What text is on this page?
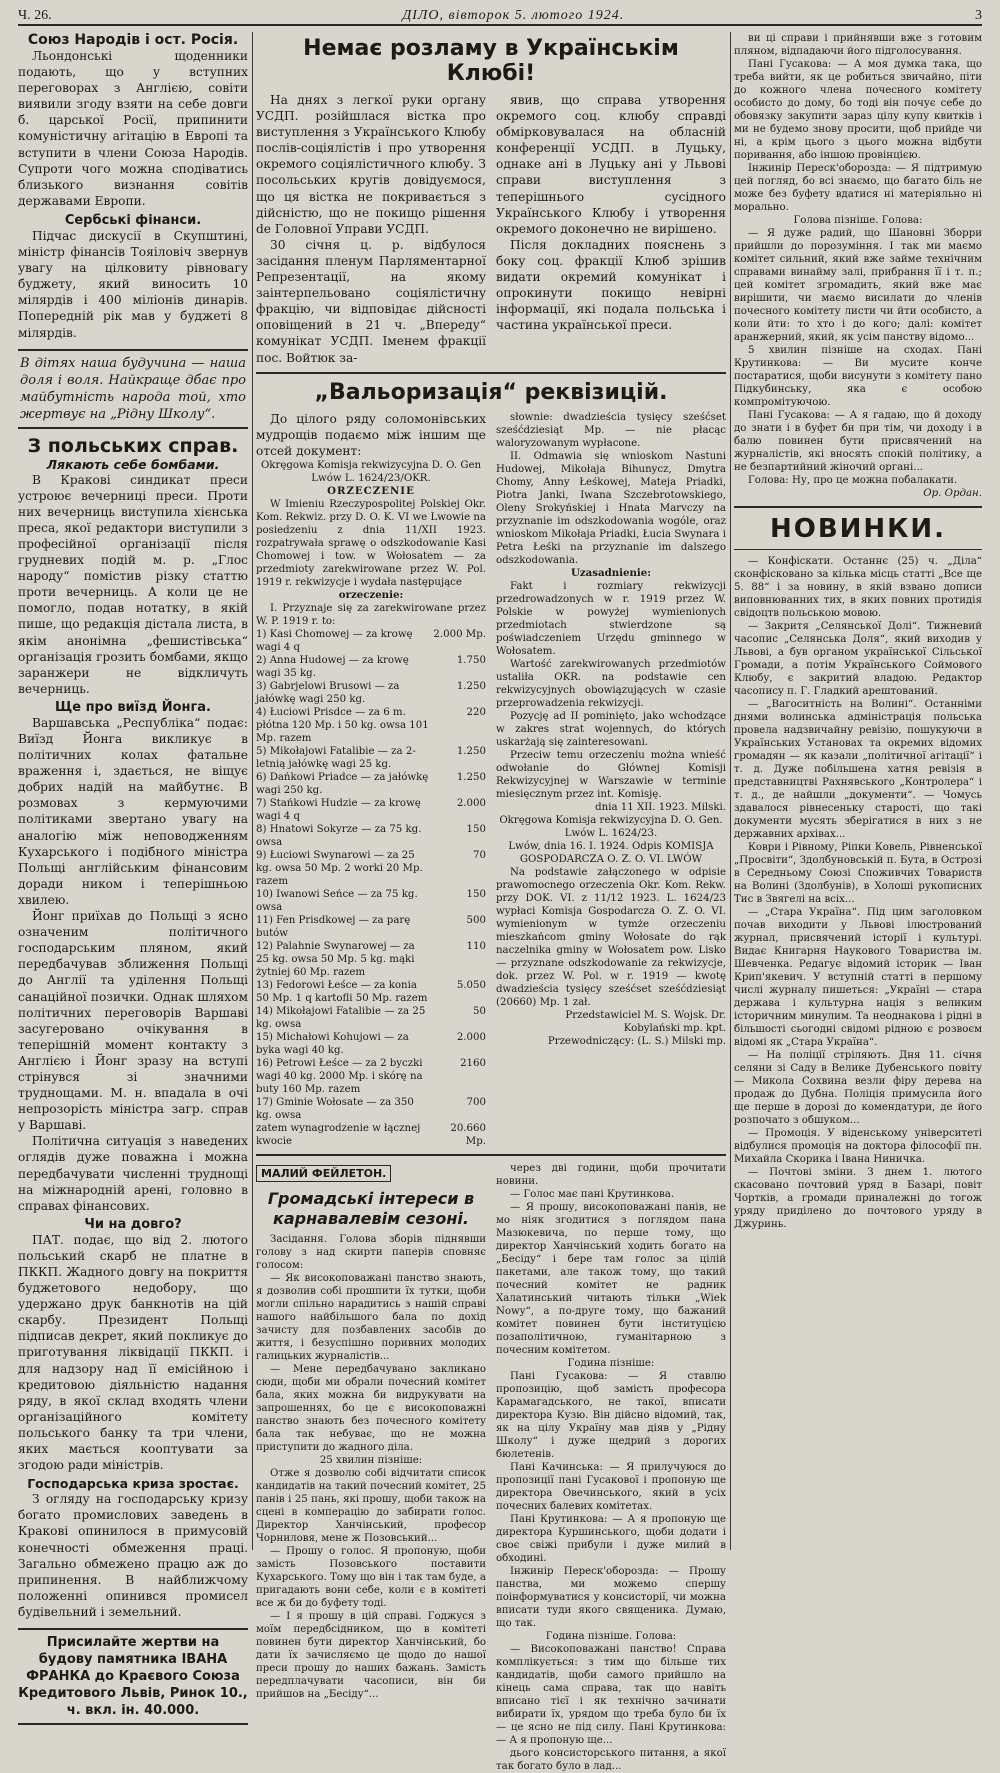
Ч. 26.	ДІЛО, вівторок 5. лютого 1924.	3
Союз Народів і ост. Росія.

Льондонські щоденники подають, що у вступних переговорах з Англією, совіти виявили згоду взяти на себе довги б. царської Росії, припинити комуністичну агітацію в Европі та вступити в члени Союза Народів. Супроти чого можна сподіватись близького визнання совітів державами Европи.

Сербські фінанси.

Підчас дискусії в Скупштині, міністр фінансів Тояіловіч звернув увагу на цілковиту рівновагу буджету, який виносить 10 мілярдів і 400 міліонів динарів. Попередній рік мав у буджеті 8 мілярдів.

В дітях наша будучина — наша доля і воля. Найкраще дбає про майбутність народа той, хто жертвує на „Рідну Школу“.
З польських справ.
Лякають себе бомбами.

В Кракові синдикат преси устроює вечерниці преси. Проти них вечерниць виступила хієнська преса, якої редактори виступили з професійної організації після грудневих подій м. р. „Глос народу“ помістив різку статтю проти вечерниць. А коли це не помогло, подав нотатку, в якій пише, що редакція дістала листа, в якім анонімна „фешистівська“ організація грозить бомбами, якщо заранжери не відкличуть вечерниць.

Ще про виїзд Йонга.

Варшавська „Республіка“ подає: Виїзд Йонга викликує в політичних колах фатальне враження і, здається, не віщує добрих надій на майбутнє. В розмовах з кермуючими політиками звертано увагу на аналогію між неповодженням Кухарського і подібного міністра Польщі англійським фінансовим доради ником і теперішньою хвилею.

Йонг приїхав до Польщі з ясно означеним політичного господарським пляном, який передбачував зближення Польщі до Англії та уділення Польщі санаційної позички. Однак шляхом політичних переговорів Варшаві засугеровано очікування в теперішній момент контакту з Англією і Йонг зразу на вступі стрінувся зі значними труднощами. М. н. впадала в очі непрозорість міністра загр. справ у Варшаві.

Політична ситуація з наведених оглядів дуже поважна і можна передбачувати численні труднощі на міжнародній арені, головно в справах фінансових.

Чи на довго?

ПАТ. подає, що від 2. лютого польський скарб не платне в ПККП. Жадного довгу на покриття буджетового недобору, що удержано друк банкнотів на цій скарбу. Президент Польщі підписав декрет, який покликує до приготування ліквідації ПККП. і для надзору над її емісійною і кредитовою діяльністю надання ряду, в якої склад входять члени організаційного комітету польського банку та три члени, яких мається кооптувати за згодою ради міністрів.

Господарська криза зростає.

З огляду на господарську кризу богато промислових заведень в Кракові опинилося в примусовій конечності обмеження праці. Загально обмежено працю аж до припинення. В найближчому положенні опинився промисел будівельний і земельний.

Присилайте жертви на будову памятника ІВАНА ФРАНКА до Краєвого Союза Кредитового Львів, Ринок 10., ч. вкл. ін. 40.000.
Немає розламу в Українськім Клюбі!

На днях з легкої руки органу УСДП. розійшлася вістка про виступлення з Українського Клюбу послів-соціялістів і про утворення окремого соціялістичного клюбу. З посольських кругів довідуємося, що ця вістка не покривається з дійсністю, що не покищо рішення dе Головної Управи УСДП.

30 січня ц. р. відбулося засідання пленум Парляментарної Репрезентації, на якому заінтерпельовано соціялістичну фракцію, чи відповідає дійсності оповіщений в 21 ч. „Впереду“ комунікат УСДП. Іменем фракції пос. Войтюк за-

явив, що справа утворення окремого соц. клюбу справді обмірковувалася на обласній конференції УСДП. в Луцьку, однаке ані в Луцьку ані у Львові справи виступлення з теперішнього сусідного Українського Клюбу і утворення окремого доконечно не вирішено.

Після докладних пояснень з боку соц. фракції Клюб зрішив видати окремий комунікат і опрокинути покищо невірні інформації, які подала польська і частина української преси.

„Вальоризація“ реквізицій.

До цілого ряду соломонівських мудрощів подаємо між іншим ще отсей документ:

Okręgowa Komisja rekwizycyjna D. O. Gen Lwów L. 1624/23/OKR.

ORZECZENIE

W Imieniu Rzeczypospolitej Polskiej Okr. Kom. Rekwiz. przy D. O. K. VI we Lwowie na posiedzeniu z dnia 11/XII 1923. rozpatrywała sprawę o odszkodowanie Kasi Chomowej i tow. w Wołosatem — za przedmioty zarekwirowane przez W. Pol. 1919 r. rekwizycje i wydała następujące

orzeczenie:

I. Przyznaje się za zarekwirowane przez W. P. 1919 r. to:

1) Kasi Chomowej — za krowę wagi 4 q
2.000 Mp.
2) Anna Hudowej — za krowę wagi 35 kg.
1.750
3) Gabrjelowi Brusowi — za jałówkę wagi 250 kg.
1.250
4) Łuciowi Prisdce — za 6 m. płótna 120 Mp. i 50 kg. owsa 101 Mp. razem
220
5) Mikołajowi Fatalibie — za 2-letnią jałówkę wagi 25 kg.
1.250
6) Dańkowi Priadce — za jałówkę wagi 250 kg.
1.250
7) Stańkowi Hudzie — za krowę wagi 4 q
2.000
8) Hnatowi Sokyrze — za 75 kg. owsa
150
9) Łuciowi Swynarowi — za 25 kg. owsa 50 Mp. 2 worki 20 Mp. razem
70
10) Iwanowi Seńce — za 75 kg. owsa
150
11) Fen Prisdkowej — za parę butów
500
12) Palahnie Swynarowej — za 25 kg. owsa 50 Mp. 5 kg. mąki żytniej 60 Mp. razem
110
13) Fedorowi Łeśce — za konia 50 Mp. 1 q kartofli 50 Mp. razem
5.050
14) Mikołajowi Fatalibie — za 25 kg. owsa
50
15) Michałowi Kohujowi — za byka wagi 40 kg.
2.000
16) Petrowi Łeśce — za 2 byczki wagi 40 kg. 2000 Mp. i skórę na buty 160 Mp. razem
2160
17) Gminie Wołosate — za 350 kg. owsa
700
zatem wynagrodzenie w łącznej kwocie
20.660 Mp.

słownie: dwadzieścia tysięcy sześćset sześćdziesiąt Mp. — nie płacąc waloryzowanym wypłacone.

II. Odmawia się wnioskom Nastuni Hudowej, Mikołaja Bihunycz, Dmytra Chomy, Anny Łeśkowej, Mateja Priadki, Piotra Janki, Iwana Szczebrotowskiego, Oleny Srokyńskiej i Hnata Marvczy na przyznanie im odszkodowania wogóle, oraz wnioskom Mikołaja Priadki, Łucia Swynara i Petra Łeśki na przyznanie im dalszego odszkodowania.

Uzasadnienie:

Fakt i rozmiary rekwizycji przedrowadzonych w r. 1919 przez W. Polskie w powyżej wymienionych przedmiotach stwierdzone są poświadczeniem Urzędu gminnego w Wołosatem.

Wartość zarekwirowanych przedmiotów ustaliła OKR. na podstawie cen rekwizycyjnych obowiązujących w czasie przeprowadzenia rekwizycji.

Pozycję ad II pominięto, jako wchodzące w zakres strat wojennych, do których uskarżają się zainteresowani.

Przeciw temu orzeczeniu można wnieść odwołanie do Głównej Komisji Rekwizycyjnej w Warszawie w terminie miesięcznym przez int. Komisję.

dnia 11 XII. 1923. Milski.

Okręgowa Komisja rekwizycyjna D. O. Gen. Lwów L. 1624/23.

Lwów, dnia 16. I. 1924. Odpis KOMISJA GOSPODARCZA O. Z. O. VI. LWÓW

Na podstawie załączonego w odpisie prawomocnego orzeczenia Okr. Kom. Rekw. przy DOK. VI. z 11/12 1923. L. 1624/23 wypłaci Komisja Gospodarcza O. Z. O. VI. wymienionym w tymże orzeczeniu mieszkańcom gminy Wołosate do rąk naczelnika gminy w Wołosatem pow. Lisko — przyznane odszkodowanie za rekwizycje, dok. przez W. Pol. w r. 1919 — kwotę dwadzieścia tysięcy sześćset sześćdziesiąt (20660) Mp. 1 zał.

Przedstawiciel M. S. Wojsk. Dr. Kobylański mp. kpt.

Przewodniczący: (L. S.) Milski mp.

МАЛИЙ ФЕЙЛЕТОН.
Громадські інтереси в карнавалевім сезоні.

Засідання. Голова зборів піднявши голову з над скирти паперів сповняє голосом:

— Як високоповажані панство знають, я дозволив собі прошпити їх тутки, щоби могли спільно нарадитись з нашій справі нашого найбільшого бала по дохід зачисту для позбавлених засобів до життя, і безуспішно поривних молодих галицьких журналістів...

— Мене передбачувано закликано сюди, щоби ми обрали почесний комітет бала, яких можна би видрукувати на запрошеннях, бо це є високоповажні панство знають без почесного комітету бала так небуває, що не можна приступити до жадного діла.

25 хвилин пізніше:

Отже я дозволю собі відчитати список кандидатів на такий почесний комітет, 25 панів і 25 пань, які прошу, щоби також на сцені в комперацію до забирати голос. Директор Ханчінський, професор Чорниловя, мене ж Позовський...

— Прошу о голос. Я пропоную, щоби замість Позовського поставити Кухарського. Тому що він і так там буде, а пригадають вони себе, коли є в комітеті все ж би до буфету тоді.

— І я прошу в цій справі. Годжуся з моїм передбсідником, що в комітеті повинен бути директор Ханчінський, бо дати їх зачисляємо це щодо до нашої преси прошу до наших бажань. Замість передплачувати часописи, він би прийшов на „Бесіду“...

через дві години, щоби прочитати новини.

— Голос має пані Крутинкова.

— Я прошу, високоповажані панів, не мо ніяк згодитися з поглядом пана Мазюкевича, по перше тому, що директор Ханчінський ходить богато на „Бесіду“ і бере там голос за цілій пакетами, але також тому, що такий почесний комітет не радник Халатинський читають тільки „Wiek Nowy“, а по-друге тому, що бажаний комітет повинен бути інституцією позаполітичною, гуманітарною з почесним комітетом.

Година пізніше:

Пані Гусакова: — Я ставлю пропозицію, щоб замість професора Карамагадського, не такої, вписати директора Кузю. Він дійсно відомий, так, як на цілу Україну мав діяв у „Рідну Школу“ і дуже щедрий з дорогих бюлетенів.

Пані Качинська: — Я прилучуюся до пропозиції пані Гусакової і пропоную ще директора Овечинського, який в усіх почесних балевих комітетах.

Пані Крутинкова: — А я пропоную ще директора Куршинського, щоби додати і своє свіжі прибули і дуже милий в обходині.

Інжинір Переск'оборозда: — Прошу панства, ми можемо спершу поінформуватися у консисторії, чи можна вписати туди якого священика. Думаю, що так.

Година пізніше. Голова:

— Високоповажані панство! Справа комплікується: з тим що більше тих кандидатів, щоби самого прийшло на кінець сама справа, так що навіть вписано тієї і як технічно зачинати вибирати їх, урядом що треба було би їх — це ясно не під силу. Пані Крутинкова: — А я пропоную ще...

дього консисторського питання, а якої так богато було в лад...

ви ці справи і прийнявши вже з готовим пляном, відпадаючи його підголосування.

Пані Гусакова: — А моя думка така, що треба вийти, як це робиться звичайно, піти до кожного члена почесного комітету особисто до дому, бо тоді він почує себе до обовязку закупити зараз цілу купу квитків і ми не будемо знову просити, щоб прийде чи ні, а крім цього з цього можна відбути поривання, або іншою провінцією.

Інжинір Переск'оборозда: — Я підтримую цей погляд, бо всі знаємо, що багато біль не може без буфету вдатися ні матеріяльно ні морально.

Голова пізніше. Голова:

— Я дуже радий, що Шановні Зборри прийшли до порозуміння. І так ми маємо комітет сильний, який вже займе технічним справами винайму залі, прибрання її і т. п.; цей комітет згромадить, який вже має вирішити, чи маємо висилати до членів почесного комітету листи чи йти особисто, а коли йти: то хто і до кого; далі: комітет аранжерний, який, як усім панству відомо...

5 хвилин пізніше на сходах. Пані Крутинкова: — Ви мусите конче постаратися, щоби висунути з комітету пано Підкубинську, яка є особою компромітуючою.

Пані Гусакова: — А я гадаю, що й доходу до знати і в буфет би при тім, чи доходу і в балю повинен бути присвячений на журналістів, які вносять спокій політику, а не безпартийний жіночий органі...

Голова: Ну, про це можна побалакати.

Ор. Ордан.

НОВИНКИ.

— Конфіскати. Останнє (25) ч. „Діла“ сконфісковано за кілька місць статті „Все ще 5. 88“ і за новину, в якій взвано дописи виповнюванних тих, в яких повних протидія свідоцтв польською мовою.

— Закритя „Селянської Долі“. Тижневий часопис „Селянська Доля“, який виходив у Львові, а був органом української Сільської Громади, а потім Українського Соймового Клюбу, є закритий владою. Редактор часопису п. Г. Гладкий арештований.

— „Вагоситність на Волині“. Останніми днями волинська адміністрація польська провела надзвичайну ревізію, пошукуючи в Українських Установах та окремих відомих громадян — як казали „політичної агітації“ і т. д. Дуже побільшена хатня ревізія в представництві Рахнявського „Контролера“ і т. д., де найшли „документи“. — Чомусь здавалося рівнесеньку старості, що такі документи мусять зберігатися в них з не державних архівах...

Коври і Рівному, Ріпки Ковель, Рівненської „Просвіти“, Здолбуновській п. Бута, в Острозі в Середньому Союзі Споживчих Товариств на Волині (Здолбунів), в Холоші рукописних Тис в Звягелі на всіх...

— „Стара Україна“. Під цим заголовком почав виходити у Львові ілюстрований журнал, присвячений історії і культурі. Видає Книгарня Наукового Товариства ім. Шевченка. Редагує відомий історик — Іван Крип'якевич. У вступній статті в першому числі журналу пишеться: „Україні — стара держава і культурна нація з великим історичним минулим. Та неоднакова і рідні в більшості сьогодні свідомі рідною є розвоєм відомі як „Стара Україна“.

— На поліції стріляють. Дня 11. січня селяни зі Саду в Велике Дубенського повіту — Микола Сохвина везли фіру дерева на продаж до Дубна. Поліція примусила його ще перше в дорозі до комендатури, де його розпочато з обшуком...

— Промоція. У віденському університеті відбулися промоція на доктора філософії пн. Михайла Скорика і Івана Ниничка.

— Почтові зміни. З днем 1. лютого скасовано почтовий уряд в Базарі, повіт Чортків, а громади приналежні до тогож уряду приділено до почтового уряду в Джуринь.
